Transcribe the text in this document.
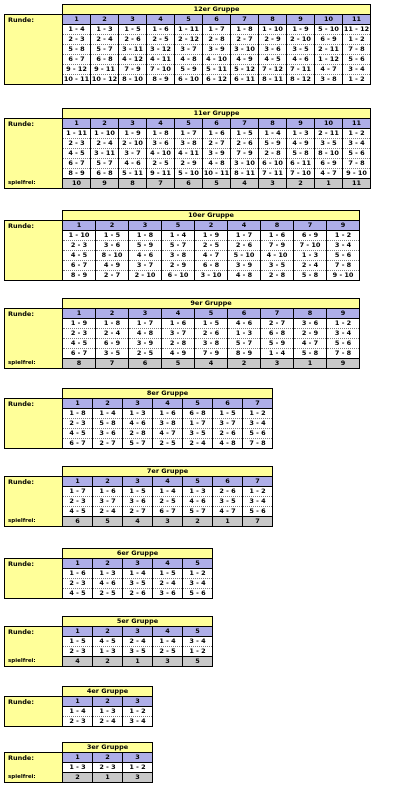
	12er Gruppe										
Runde:	1	2	3	4	5	6	7	8	9	10	11
	1 - 4	1 - 3	1 - 5	1 - 6	1 - 11	1 - 7	1 - 8	1 - 10	1 - 9	5 - 10	11 - 12
	2 - 3	2 - 4	2 - 6	2 - 5	2 - 12	2 - 8	2 - 7	2 - 9	2 - 10	6 - 9	1 - 2
	5 - 8	5 - 7	3 - 11	3 - 12	3 - 7	3 - 9	3 - 10	3 - 6	3 - 5	2 - 11	7 - 8
	6 - 7	6 - 8	4 - 12	4 - 11	4 - 8	4 - 10	4 - 9	4 - 5	4 - 6	1 - 12	5 - 6
	9 - 12	9 - 11	7 - 9	7 - 10	5 - 9	5 - 11	5 - 12	7 - 12	7 - 11	4 - 7	3 - 4
	10 - 11	10 - 12	8 - 10	8 - 9	6 - 10	6 - 12	6 - 11	8 - 11	8 - 12	3 - 8	1 - 2
	11er Gruppe										
Runde:	1	2	3	4	5	6	7	8	9	10	11
	1 - 11	1 - 10	1 - 9	1 - 8	1 - 7	1 - 6	1 - 5	1 - 4	1 - 3	2 - 11	1 - 2
	2 - 3	2 - 4	2 - 10	3 - 6	3 - 8	2 - 7	2 - 6	5 - 9	4 - 9	3 - 5	3 - 4
	4 - 5	3 - 11	3 - 7	4 - 10	4 - 11	3 - 9	7 - 9	2 - 8	5 - 8	8 - 10	5 - 6
	6 - 7	5 - 7	4 - 6	2 - 5	2 - 9	4 - 8	3 - 10	6 - 10	6 - 11	6 - 9	7 - 8
	8 - 9	6 - 8	5 - 11	9 - 11	5 - 10	10 - 11	8 - 11	7 - 11	7 - 10	4 - 7	9 - 10
spielfrei:	10	9	8	7	6	5	4	3	2	1	11
	10er Gruppe								
Runde:	1	2	3	5	2	4	8	7	9
	1 - 10	1 - 5	1 - 8	1 - 4	1 - 9	1 - 7	1 - 6	6 - 9	1 - 2
	2 - 3	3 - 6	5 - 9	5 - 7	2 - 5	2 - 6	7 - 9	7 - 10	3 - 4
	4 - 5	8 - 10	4 - 6	3 - 8	4 - 7	5 - 10	4 - 10	1 - 3	5 - 6
	6 - 7	4 - 9	3 - 7	2 - 9	6 - 8	3 - 9	3 - 5	2 - 4	7 - 8
	8 - 9	2 - 7	2 - 10	6 - 10	3 - 10	4 - 8	2 - 8	5 - 8	9 - 10
	9er Gruppe								
Runde:	1	2	3	4	5	6	7	8	9
	1 - 9	1 - 8	1 - 7	1 - 6	1 - 5	4 - 6	2 - 7	3 - 6	1 - 2
	2 - 3	2 - 4	4 - 8	3 - 7	2 - 6	1 - 3	6 - 8	2 - 9	3 - 4
	4 - 5	6 - 9	3 - 9	2 - 8	3 - 8	5 - 7	5 - 9	4 - 7	5 - 6
	6 - 7	3 - 5	2 - 5	4 - 9	7 - 9	8 - 9	1 - 4	5 - 8	7 - 8
spielfrei:	8	7	6	5	4	2	3	1	9
	8er Gruppe						
Runde:	1	2	3	4	5	6	7
	1 - 8	1 - 4	1 - 3	1 - 6	6 - 8	1 - 5	1 - 2
	2 - 3	5 - 8	4 - 6	3 - 8	1 - 7	3 - 7	3 - 4
	4 - 5	3 - 6	2 - 8	4 - 7	3 - 5	2 - 6	5 - 6
	6 - 7	2 - 7	5 - 7	2 - 5	2 - 4	4 - 8	7 - 8
	7er Gruppe						
Runde:	1	2	3	4	5	6	7
	1 - 7	1 - 6	1 - 5	1 - 4	1 - 3	2 - 6	1 - 2
	2 - 3	3 - 7	3 - 6	2 - 5	4 - 6	3 - 5	3 - 4
	4 - 5	2 - 4	2 - 7	6 - 7	5 - 7	4 - 7	5 - 6
spielfrei:	6	5	4	3	2	1	7
	6er Gruppe				
Runde:	1	2	3	4	5
	1 - 6	1 - 3	1 - 4	1 - 5	1 - 2
	2 - 3	4 - 6	3 - 5	2 - 4	3 - 4
	4 - 5	2 - 5	2 - 6	3 - 6	5 - 6
	5er Gruppe				
Runde:	1	2	3	4	5
	1 - 5	4 - 5	2 - 4	1 - 4	3 - 4
	2 - 3	1 - 3	3 - 5	2 - 5	1 - 2
spielfrei:	4	2	1	3	5
	4er Gruppe		
Runde:	1	2	3
	1 - 4	1 - 3	1 - 2
	2 - 3	2 - 4	3 - 4
	3er Gruppe		
Runde:	1	2	3
	1 - 3	2 - 3	1 - 2
spielfrei:	2	1	3
